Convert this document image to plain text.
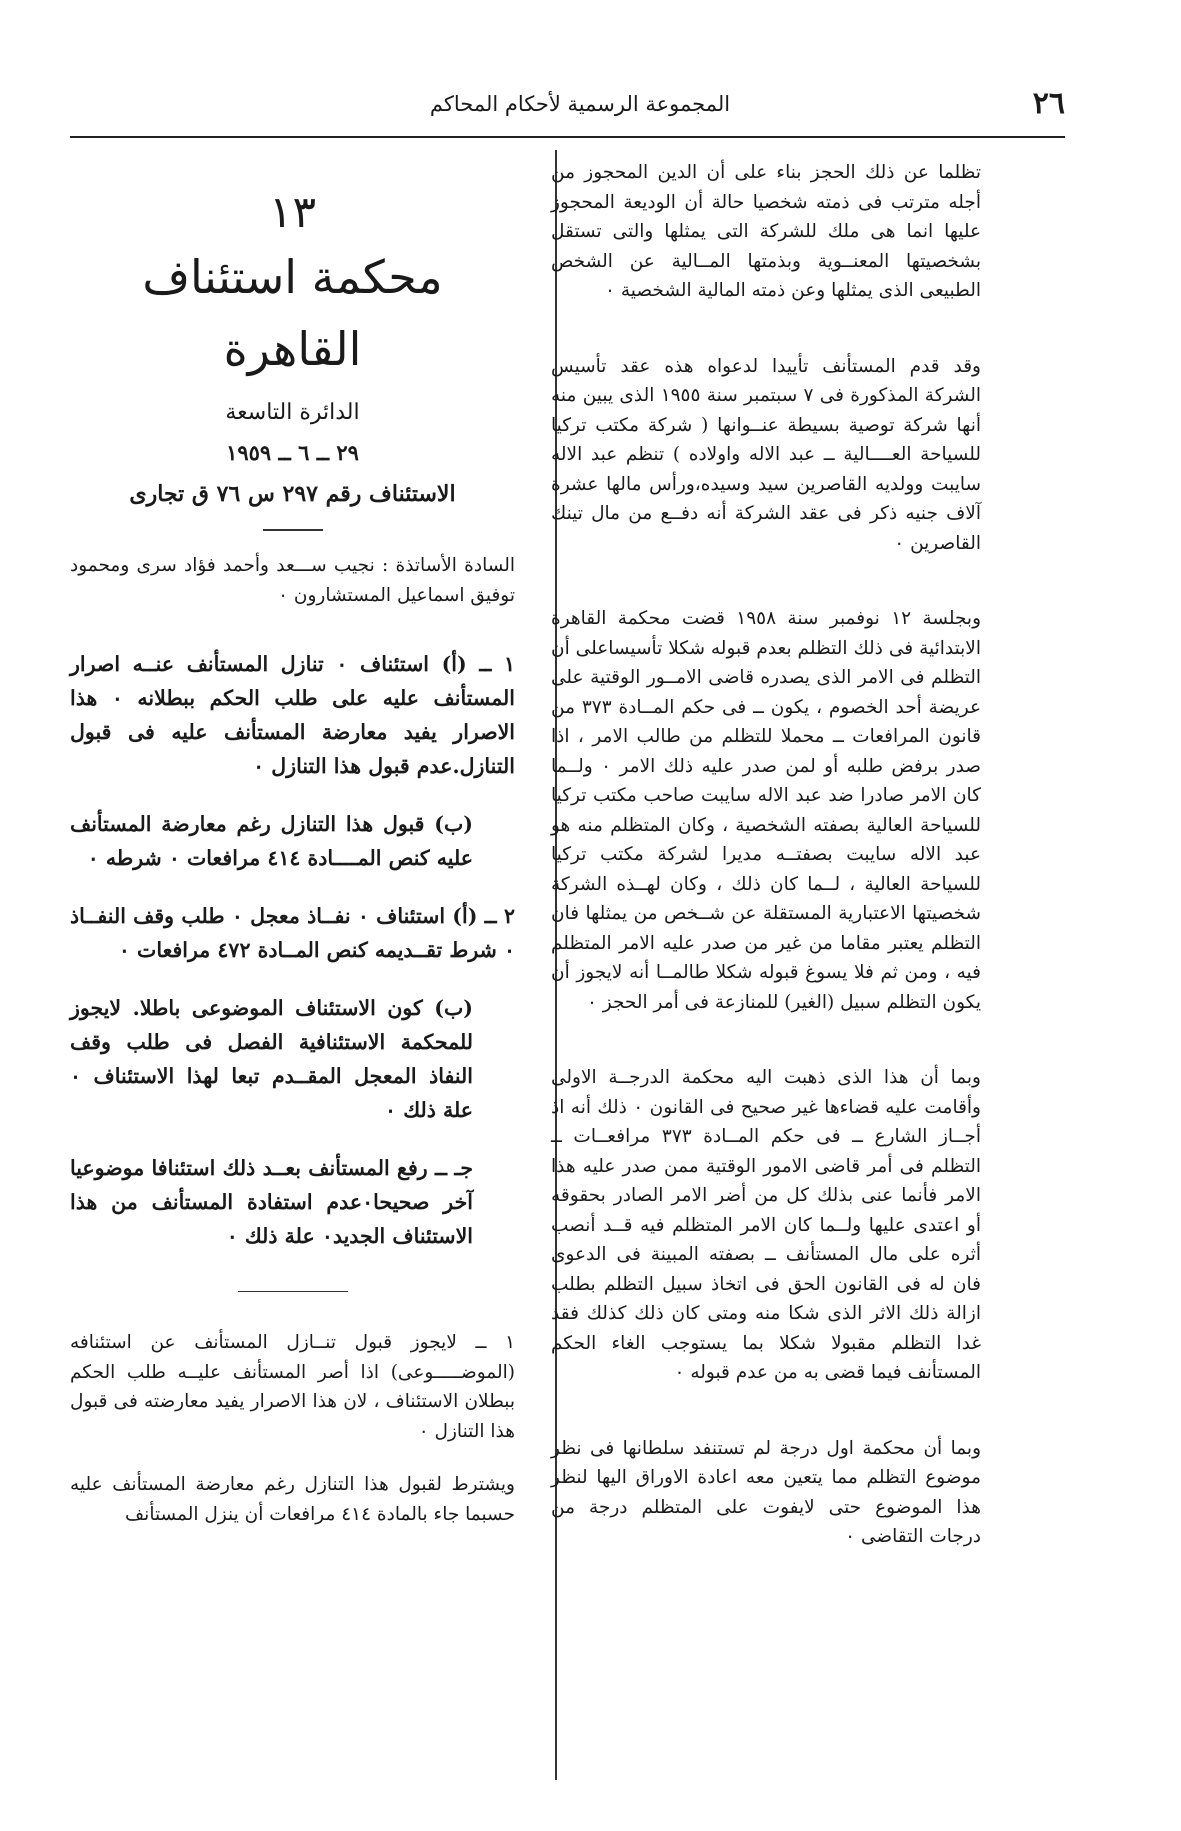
٢٦
المجموعة الرسمية لأحكام المحاكم

تظلما عن ذلك الحجز بناء على أن الدين المحجوز من أجله مترتب فى ذمته شخصيا حالة أن الوديعة المحجوز عليها انما هى ملك للشركة التى يمثلها والتى تستقل بشخصيتها المعنــوية وبذمتها المــالية عن الشخص الطبيعى الذى يمثلها وعن ذمته المالية الشخصية ٠

وقد قدم المستأنف تأييدا لدعواه هذه عقد تأسيس الشركة المذكورة فى ٧ سبتمبر سنة ١٩٥٥ الذى يبين منه أنها شركة توصية بسيطة عنــوانها ( شركة مكتب تركيا للسياحة العــــالية ــ عبد الاله واولاده ) تنظم عبد الاله سايبت وولديه القاصرين سيد وسيده،ورأس مالها عشرة آلاف جنيه ذكر فى عقد الشركة أنه دفــع من مال تينك القاصرين ٠

وبجلسة ١٢ نوفمبر سنة ١٩٥٨ قضت محكمة القاهرة الابتدائية فى ذلك التظلم بعدم قبوله شكلا تأسيساعلى أن التظلم فى الامر الذى يصدره قاضى الامــور الوقتية على عريضة أحد الخصوم ، يكون ــ فى حكم المــادة ٣٧٣ من قانون المرافعات ــ محملا للتظلم من طالب الامر ، اذا صدر برفض طلبه أو لمن صدر عليه ذلك الامر ٠ ولــما كان الامر صادرا ضد عبد الاله سايبت صاحب مكتب تركيا للسياحة العالية بصفته الشخصية ، وكان المتظلم منه هو عبد الاله سايبت بصفتــه مديرا لشركة مكتب تركيا للسياحة العالية ، لــما كان ذلك ، وكان لهــذه الشركة شخصيتها الاعتبارية المستقلة عن شــخص من يمثلها فان التظلم يعتبر مقاما من غير من صدر عليه الامر المتظلم فيه ، ومن ثم فلا يسوغ قبوله شكلا طالمــا أنه لايجوز أن يكون التظلم سبيل (الغير) للمنازعة فى أمر الحجز ٠

وبما أن هذا الذى ذهبت اليه محكمة الدرجــة الاولى وأقامت عليه قضاءها غير صحيح فى القانون ٠ ذلك أنه اذ أجــاز الشارع ــ فى حكم المــادة ٣٧٣ مرافعــات ــ التظلم فى أمر قاضى الامور الوقتية ممن صدر عليه هذا الامر فأنما عنى بذلك كل من أضر الامر الصادر بحقوقه أو اعتدى عليها ولــما كان الامر المتظلم فيه قــد أنصب أثره على مال المستأنف ــ بصفته المبينة فى الدعوى فان له فى القانون الحق فى اتخاذ سبيل التظلم بطلب ازالة ذلك الاثر الذى شكا منه ومتى كان ذلك كذلك فقد غدا التظلم مقبولا شكلا بما يستوجب الغاء الحكم المستأنف فيما قضى به من عدم قبوله ٠

وبما أن محكمة اول درجة لم تستنفد سلطانها فى نظر موضوع التظلم مما يتعين معه اعادة الاوراق اليها لنظر هذا الموضوع حتى لايفوت على المتظلم درجة من درجات التقاضى ٠

١٣

محكمة استئناف القاهرة

الدائرة التاسعة

٢٩ ــ ٦ ــ ١٩٥٩

الاستئناف رقم ٢٩٧ س ٧٦ ق تجارى

السادة الأساتذة : نجيب ســـعد وأحمد فؤاد سرى ومحمود توفيق اسماعيل المستشارون ٠

١ ــ (أ) استئناف ٠ تنازل المستأنف عنــه اصرار المستأنف عليه على طلب الحكم ببطلانه ٠ هذا الاصرار يفيد معارضة المستأنف عليه فى قبول التنازل.عدم قبول هذا التنازل ٠

(ب) قبول هذا التنازل رغم معارضة المستأنف عليه كنص المــــادة ٤١٤ مرافعات ٠ شرطه ٠

٢ ــ (أ) استئناف ٠ نفــاذ معجل ٠ طلب وقف النفــاذ ٠ شرط تقــديمه كنص المــادة ٤٧٢ مرافعات ٠

(ب) كون الاستئناف الموضوعى باطلا. لايجوز للمحكمة الاستئنافية الفصل فى طلب وقف النفاذ المعجل المقــدم تبعا لهذا الاستئناف ٠ علة ذلك ٠

جـ ــ رفع المستأنف بعــد ذلك استئنافا موضوعيا آخر صحيحا٠عدم استفادة المستأنف من هذا الاستئناف الجديد٠ علة ذلك ٠

١ ــ لايجوز قبول تنــازل المستأنف عن استئنافه (الموضـــــوعى) اذا أصر المستأنف عليــه طلب الحكم ببطلان الاستئناف ، لان هذا الاصرار يفيد معارضته فى قبول هذا التنازل ٠

ويشترط لقبول هذا التنازل رغم معارضة المستأنف عليه حسبما جاء بالمادة ٤١٤ مرافعات أن ينزل المستأنف
